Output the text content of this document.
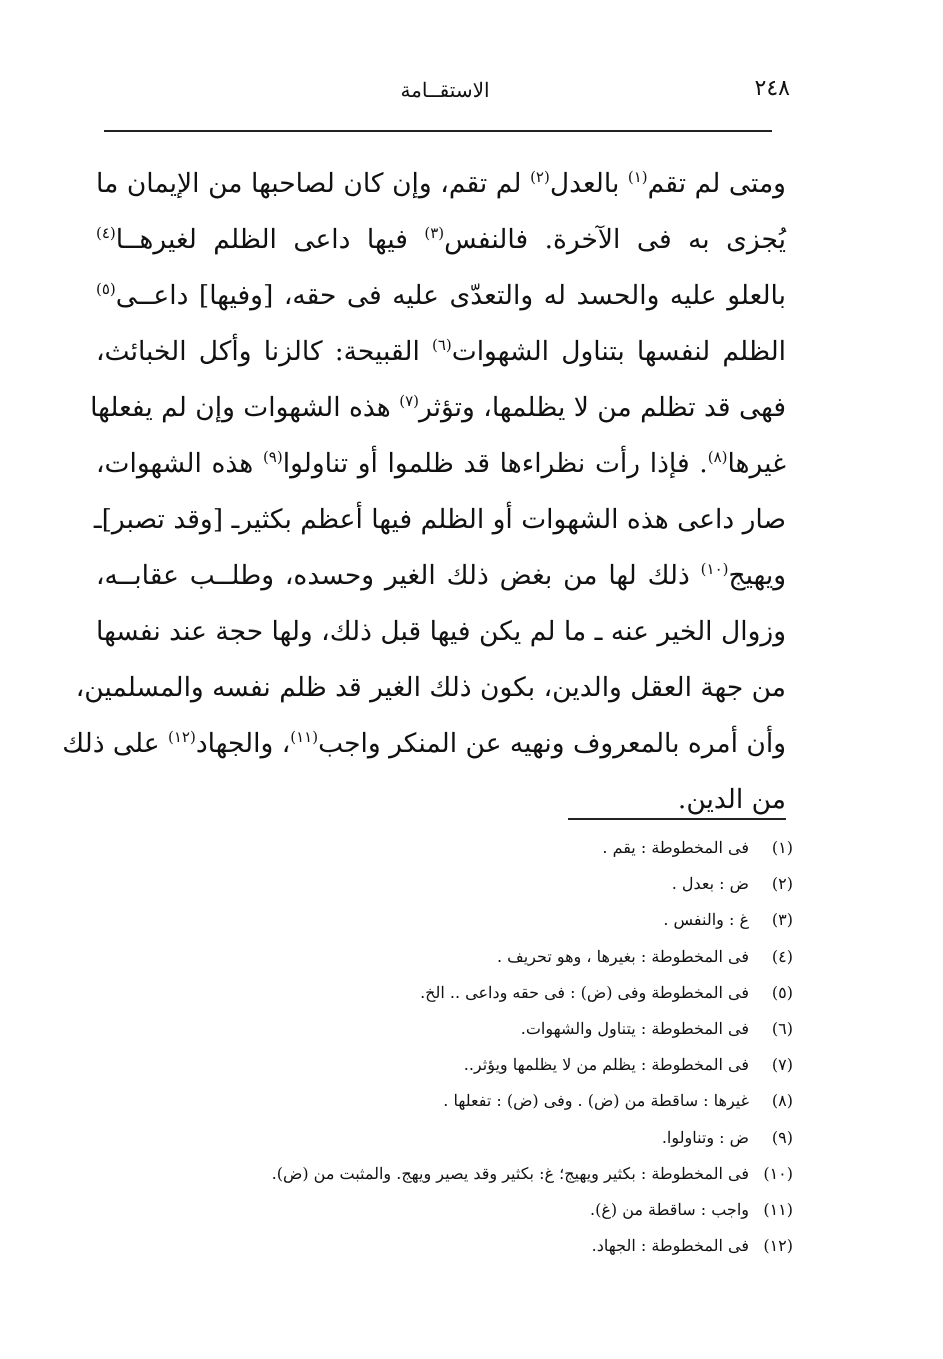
٢٤٨
الاستقــامة
ومتى لم تقم$^{(١)}$ بالعدل$^{(٢)}$ لم تقم، وإن كان لصاحبها من الإيمان ما
يُجزى به فى الآخرة. فالنفس$^{(٣)}$ فيها داعى الظلم لغيرهــا$^{(٤)}$
بالعلو عليه والحسد له والتعدّى عليه فى حقه، [وفيها] داعــى$^{(٥)}$
الظلم لنفسها بتناول الشهوات$^{(٦)}$ القبيحة: كالزنا وأكل الخبائث،
فهى قد تظلم من لا يظلمها، وتؤثر$^{(٧)}$ هذه الشهوات وإن لم يفعلها
غيرها$^{(٨)}$. فإذا رأت نظراءها قد ظلموا أو تناولوا$^{(٩)}$ هذه الشهوات،
صار داعى هذه الشهوات أو الظلم فيها أعظم بكثيرـ [وقد تصبر]ـ
ويهيج$^{(١٠)}$ ذلك لها من بغض ذلك الغير وحسده، وطلــب عقابــه،
وزوال الخير عنه ـ ما لم يكن فيها قبل ذلك، ولها حجة عند نفسها
من جهة العقل والدين، بكون ذلك الغير قد ظلم نفسه والمسلمين،
وأن أمره بالمعروف ونهيه عن المنكر واجب$^{(١١)}$، والجهاد$^{(١٢)}$ على ذلك
من الدين.
(١)
فى المخطوطة : يقم .
(٢)
ض : بعدل .
(٣)
غ : والنفس .
(٤)
فى المخطوطة : بغيرها ، وهو تحريف .
(٥)
فى المخطوطة وفى (ض) : فى حقه وداعى .. الخ.
(٦)
فى المخطوطة : يتناول والشهوات.
(٧)
فى المخطوطة : يظلم من لا يظلمها ويؤثر..
(٨)
غيرها : ساقطة من (ض) . وفى (ض) : تفعلها .
(٩)
ض : وتناولوا.
(١٠)
فى المخطوطة : بكثير ويهيج؛ غ: بكثير وقد يصير ويهج. والمثبت من (ض).
(١١)
واجب : ساقطة من (غ).
(١٢)
فى المخطوطة : الجهاد.
